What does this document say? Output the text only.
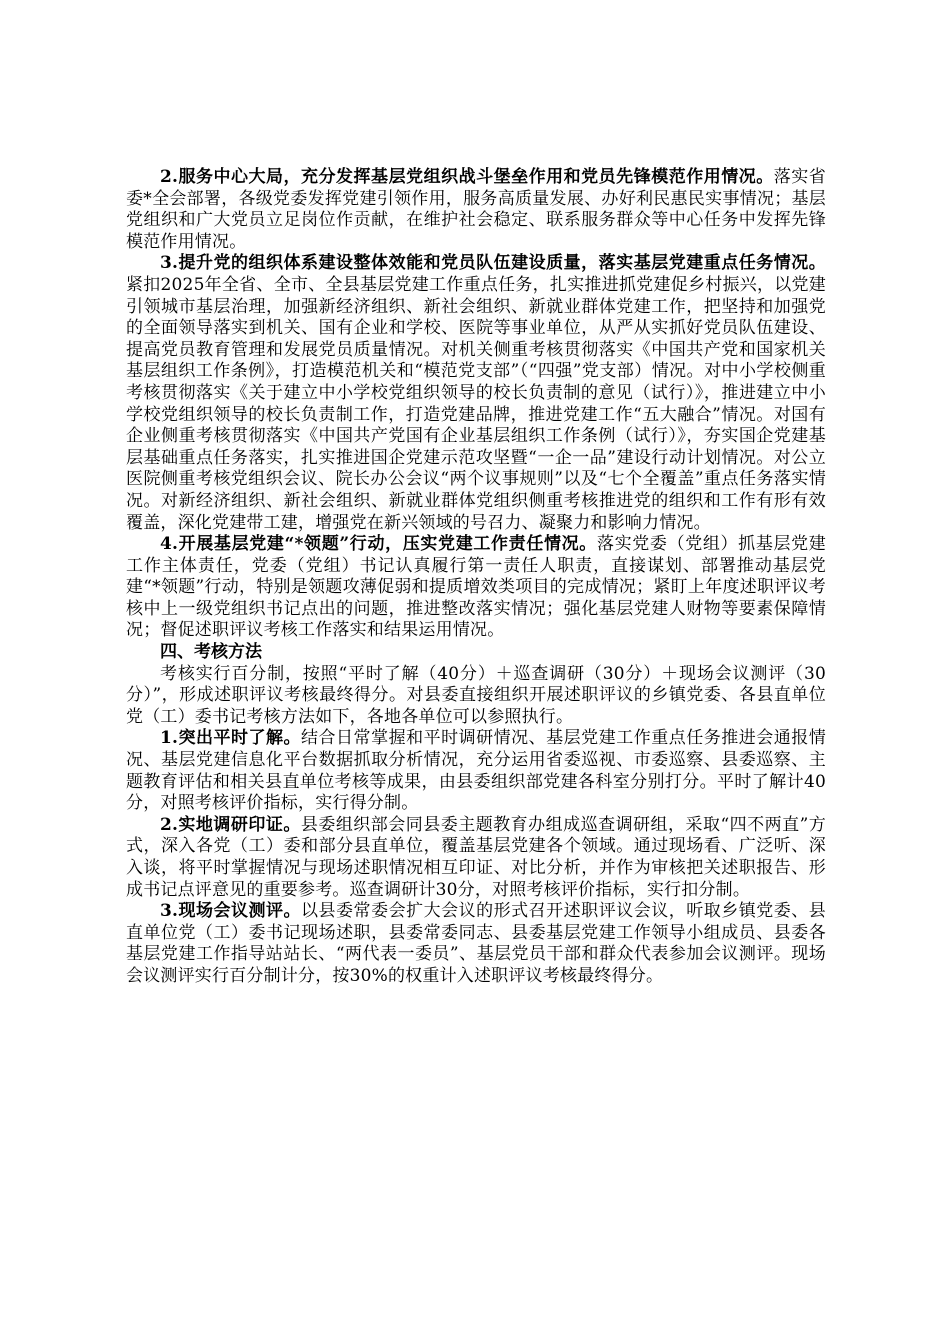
2.服务中心大局，充分发挥基层党组织战斗堡垒作用和党员先锋模范作用情况。落实省委*全会部署，各级党委发挥党建引领作用，服务高质量发展、办好利民惠民实事情况；基层党组织和广大党员立足岗位作贡献，在维护社会稳定、联系服务群众等中心任务中发挥先锋模范作用情况。

3.提升党的组织体系建设整体效能和党员队伍建设质量，落实基层党建重点任务情况。紧扣2025年全省、全市、全县基层党建工作重点任务，扎实推进抓党建促乡村振兴，以党建引领城市基层治理，加强新经济组织、新社会组织、新就业群体党建工作，把坚持和加强党的全面领导落实到机关、国有企业和学校、医院等事业单位，从严从实抓好党员队伍建设、提高党员教育管理和发展党员质量情况。对机关侧重考核贯彻落实《中国共产党和国家机关基层组织工作条例》，打造模范机关和“模范党支部”（“四强”党支部）情况。对中小学校侧重考核贯彻落实《关于建立中小学校党组织领导的校长负责制的意见（试行）》，推进建立中小学校党组织领导的校长负责制工作，打造党建品牌，推进党建工作“五大融合”情况。对国有企业侧重考核贯彻落实《中国共产党国有企业基层组织工作条例（试行）》，夯实国企党建基层基础重点任务落实，扎实推进国企党建示范攻坚暨“一企一品”建设行动计划情况。对公立医院侧重考核党组织会议、院长办公会议“两个议事规则”以及“七个全覆盖”重点任务落实情况。对新经济组织、新社会组织、新就业群体党组织侧重考核推进党的组织和工作有形有效覆盖，深化党建带工建，增强党在新兴领域的号召力、凝聚力和影响力情况。

4.开展基层党建“*领题”行动，压实党建工作责任情况。落实党委（党组）抓基层党建工作主体责任，党委（党组）书记认真履行第一责任人职责，直接谋划、部署推动基层党建“*领题”行动，特别是领题攻薄促弱和提质增效类项目的完成情况；紧盯上年度述职评议考核中上一级党组织书记点出的问题，推进整改落实情况；强化基层党建人财物等要素保障情况；督促述职评议考核工作落实和结果运用情况。

四、考核方法

考核实行百分制，按照“平时了解（40分）＋巡查调研（30分）＋现场会议测评（30分）”，形成述职评议考核最终得分。对县委直接组织开展述职评议的乡镇党委、各县直单位党（工）委书记考核方法如下，各地各单位可以参照执行。

1.突出平时了解。结合日常掌握和平时调研情况、基层党建工作重点任务推进会通报情况、基层党建信息化平台数据抓取分析情况，充分运用省委巡视、市委巡察、县委巡察、主题教育评估和相关县直单位考核等成果，由县委组织部党建各科室分别打分。平时了解计40分，对照考核评价指标，实行得分制。

2.实地调研印证。县委组织部会同县委主题教育办组成巡查调研组，采取“四不两直”方式，深入各党（工）委和部分县直单位，覆盖基层党建各个领域。通过现场看、广泛听、深入谈，将平时掌握情况与现场述职情况相互印证、对比分析，并作为审核把关述职报告、形成书记点评意见的重要参考。巡查调研计30分，对照考核评价指标，实行扣分制。

3.现场会议测评。以县委常委会扩大会议的形式召开述职评议会议，听取乡镇党委、县直单位党（工）委书记现场述职，县委常委同志、县委基层党建工作领导小组成员、县委各基层党建工作指导站站长、“两代表一委员”、基层党员干部和群众代表参加会议测评。现场会议测评实行百分制计分，按30%的权重计入述职评议考核最终得分。
